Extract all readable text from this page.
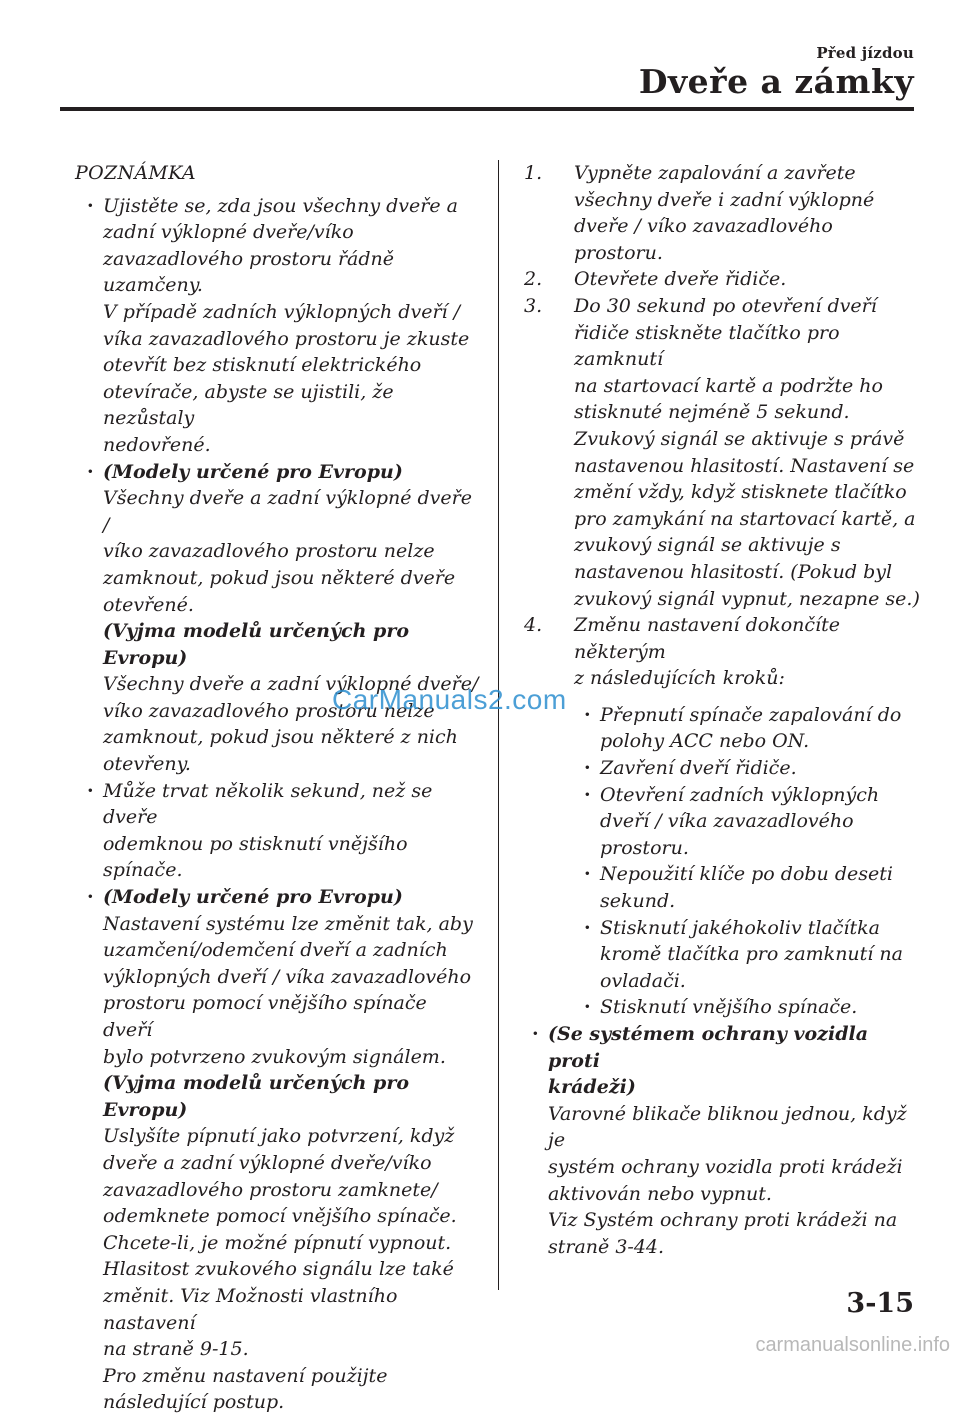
Před jízdou
Dveře a zámky

POZNÁMKA

· Ujistěte se, zda jsou všechny dveře a

zadní výklopné dveře/víko

zavazadlového prostoru řádně

uzamčeny.

V případě zadních výklopných dveří /

víka zavazadlového prostoru je zkuste

otevřít bez stisknutí elektrického

otevírače, abyste se ujistili, že nezůstaly

nedovřené.

· (Modely určené pro Evropu)

Všechny dveře a zadní výklopné dveře /

víko zavazadlového prostoru nelze

zamknout, pokud jsou některé dveře

otevřené.

(Vyjma modelů určených pro Evropu)

Všechny dveře a zadní výklopné dveře/

víko zavazadlového prostoru nelze

zamknout, pokud jsou některé z nich

otevřeny.

· Může trvat několik sekund, než se dveře

odemknou po stisknutí vnějšího spínače.

· (Modely určené pro Evropu)

Nastavení systému lze změnit tak, aby

uzamčení/odemčení dveří a zadních

výklopných dveří / víka zavazadlového

prostoru pomocí vnějšího spínače dveří

bylo potvrzeno zvukovým signálem.

(Vyjma modelů určených pro Evropu)

Uslyšíte pípnutí jako potvrzení, když

dveře a zadní výklopné dveře/víko

zavazadlového prostoru zamknete/

odemknete pomocí vnějšího spínače.

Chcete-li, je možné pípnutí vypnout.

Hlasitost zvukového signálu lze také

změnit. Viz Možnosti vlastního nastavení

na straně 9-15.

Pro změnu nastavení použijte

následující postup.

1. Vypněte zapalování a zavřete

všechny dveře i zadní výklopné

dveře / víko zavazadlového prostoru.

2. Otevřete dveře řidiče.

3. Do 30 sekund po otevření dveří

řidiče stiskněte tlačítko pro zamknutí

na startovací kartě a podržte ho

stisknuté nejméně 5 sekund.

Zvukový signál se aktivuje s právě

nastavenou hlasitostí. Nastavení se

změní vždy, když stisknete tlačítko

pro zamykání na startovací kartě, a

zvukový signál se aktivuje s

nastavenou hlasitostí. (Pokud byl

zvukový signál vypnut, nezapne se.)

4. Změnu nastavení dokončíte některým

z následujících kroků:

· Přepnutí spínače zapalování do

polohy ACC nebo ON.

· Zavření dveří řidiče.

· Otevření zadních výklopných

dveří / víka zavazadlového

prostoru.

· Nepoužití klíče po dobu deseti

sekund.

· Stisknutí jakéhokoliv tlačítka

kromě tlačítka pro zamknutí na

ovladači.

· Stisknutí vnějšího spínače.

· (Se systémem ochrany vozidla proti

krádeži)

Varovné blikače bliknou jednou, když je

systém ochrany vozidla proti krádeži

aktivován nebo vypnut.

Viz Systém ochrany proti krádeži na

straně 3-44.

CarManuals2.com
3-15
carmanualsonline.info
